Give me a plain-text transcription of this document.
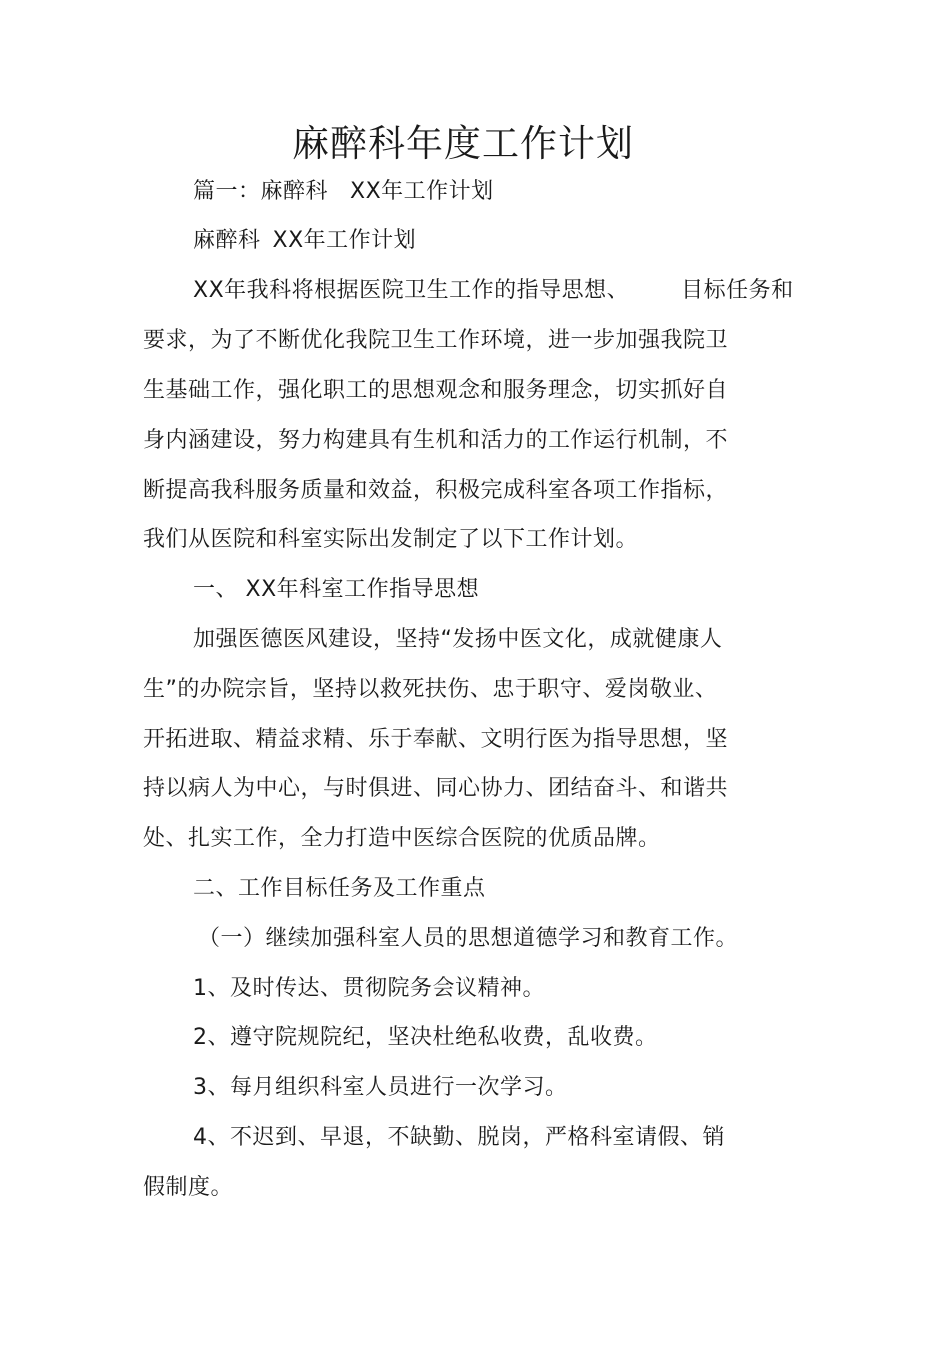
麻醉科年度工作计划

篇一：麻醉科 XX年工作计划

麻醉科 XX年工作计划

XX年我科将根据医院卫生工作的指导思想、 目标任务和

要求，为了不断优化我院卫生工作环境，进一步加强我院卫

生基础工作，强化职工的思想观念和服务理念，切实抓好自

身内涵建设，努力构建具有生机和活力的工作运行机制，不

断提高我科服务质量和效益，积极完成科室各项工作指标，

我们从医院和科室实际出发制定了以下工作计划。

一、 XX年科室工作指导思想

加强医德医风建设，坚持“发扬中医文化，成就健康人

生”的办院宗旨，坚持以救死扶伤、忠于职守、爱岗敬业、

开拓进取、精益求精、乐于奉献、文明行医为指导思想，坚

持以病人为中心，与时俱进、同心协力、团结奋斗、和谐共

处、扎实工作，全力打造中医综合医院的优质品牌。

二、工作目标任务及工作重点

（一）继续加强科室人员的思想道德学习和教育工作。

1、及时传达、贯彻院务会议精神。

2、遵守院规院纪，坚决杜绝私收费，乱收费。

3、每月组织科室人员进行一次学习。

4、不迟到、早退，不缺勤、脱岗，严格科室请假、销

假制度。
